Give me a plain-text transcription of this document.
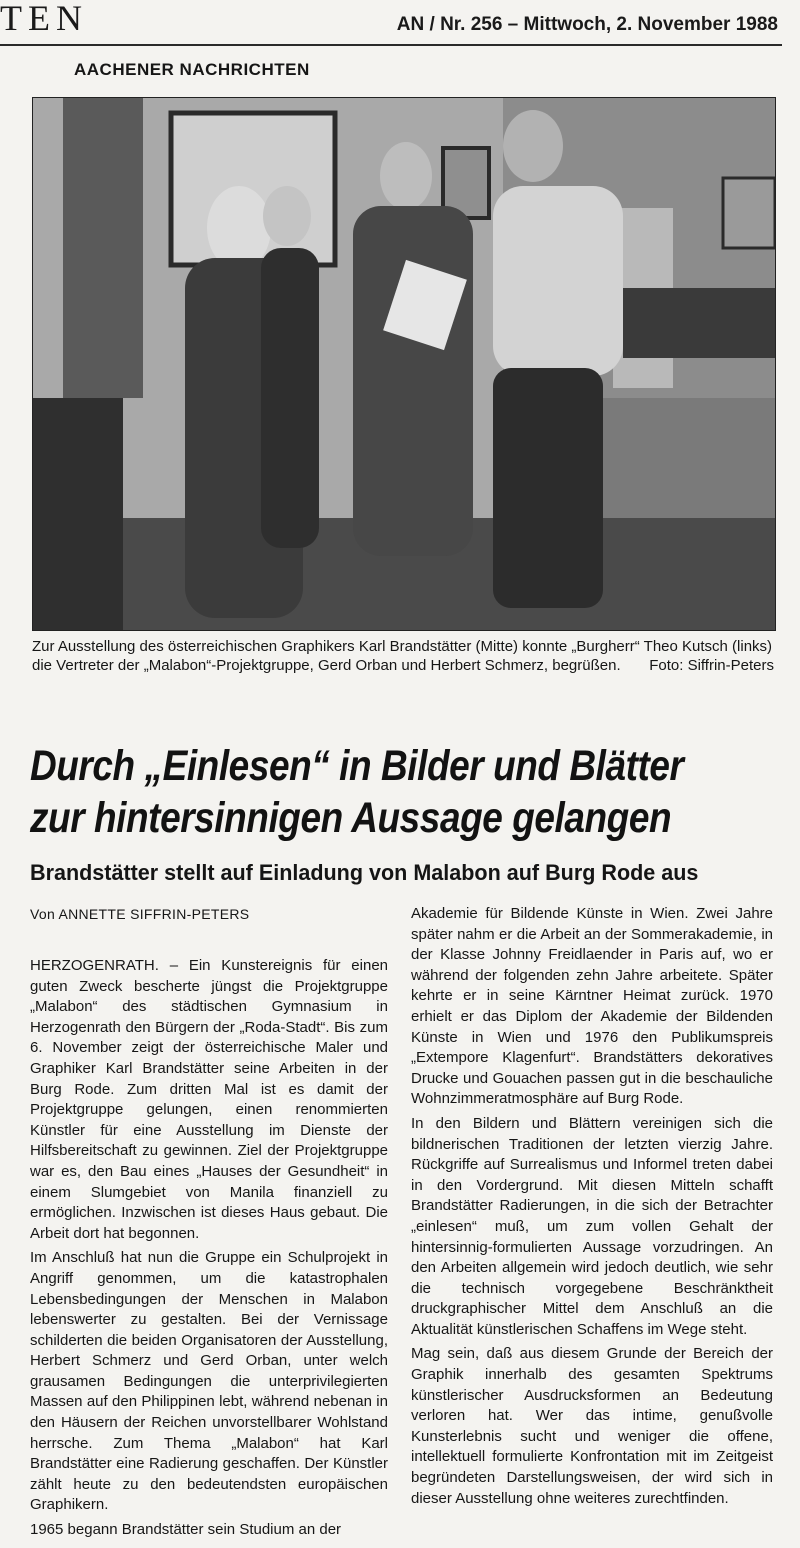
TEN	AN / Nr. 256 – Mittwoch, 2. November 1988
AACHENER NACHRICHTEN
Zur Ausstellung des österreichischen Graphikers Karl Brandstätter (Mitte) konnte „Burgherr“ Theo Kutsch (links) die Vertreter der „Malabon“-Projektgruppe, Gerd Orban und Herbert Schmerz, begrüßen.	Foto: Siffrin-Peters
Durch „Einlesen“ in Bilder und Blätter
zur hintersinnigen Aussage gelangen
Brandstätter stellt auf Einladung von Malabon auf Burg Rode aus
Von ANNETTE SIFFRIN-PETERS

HERZOGENRATH. – Ein Kunstereignis für einen guten Zweck bescherte jüngst die Projektgruppe „Malabon“ des städtischen Gymnasium in Herzogenrath den Bürgern der „Roda-Stadt“. Bis zum 6. November zeigt der österreichische Maler und Graphiker Karl Brandstätter seine Arbeiten in der Burg Rode. Zum dritten Mal ist es damit der Projektgruppe gelungen, einen renommierten Künstler für eine Ausstellung im Dienste der Hilfsbereitschaft zu gewinnen. Ziel der Projektgruppe war es, den Bau eines „Hauses der Gesundheit“ in einem Slumgebiet von Manila finanziell zu ermöglichen. Inzwischen ist dieses Haus gebaut. Die Arbeit dort hat begonnen.

Im Anschluß hat nun die Gruppe ein Schulprojekt in Angriff genommen, um die katastrophalen Lebensbedingungen der Menschen in Malabon lebenswerter zu gestalten. Bei der Vernissage schilderten die beiden Organisatoren der Ausstellung, Herbert Schmerz und Gerd Orban, unter welch grausamen Bedingungen die unterprivilegierten Massen auf den Philippinen lebt, während nebenan in den Häusern der Reichen unvorstellbarer Wohlstand herrsche. Zum Thema „Malabon“ hat Karl Brandstätter eine Radierung geschaffen. Der Künstler zählt heute zu den bedeutendsten europäischen Graphikern.

1965 begann Brandstätter sein Studium an der

Akademie für Bildende Künste in Wien. Zwei Jahre später nahm er die Arbeit an der Sommerakademie, in der Klasse Johnny Freidlaender in Paris auf, wo er während der folgenden zehn Jahre arbeitete. Später kehrte er in seine Kärntner Heimat zurück. 1970 erhielt er das Diplom der Akademie der Bildenden Künste in Wien und 1976 den Publikumspreis „Extempore Klagenfurt“. Brandstätters dekoratives Drucke und Gouachen passen gut in die beschauliche Wohnzimmeratmosphäre auf Burg Rode.

In den Bildern und Blättern vereinigen sich die bildnerischen Traditionen der letzten vierzig Jahre. Rückgriffe auf Surrealismus und Informel treten dabei in den Vordergrund. Mit diesen Mitteln schafft Brandstätter Radierungen, in die sich der Betrachter „einlesen“ muß, um zum vollen Gehalt der hintersinnig-formulierten Aussage vorzudringen. An den Arbeiten allgemein wird jedoch deutlich, wie sehr die technisch vorgegebene Beschränktheit druckgraphischer Mittel dem Anschluß an die Aktualität künstlerischen Schaffens im Wege steht.

Mag sein, daß aus diesem Grunde der Bereich der Graphik innerhalb des gesamten Spektrums künstlerischer Ausdrucksformen an Bedeutung verloren hat. Wer das intime, genußvolle Kunsterlebnis sucht und weniger die offene, intellektuell formulierte Konfrontation mit im Zeitgeist begründeten Darstellungsweisen, der wird sich in dieser Ausstellung ohne weiteres zurechtfinden.
